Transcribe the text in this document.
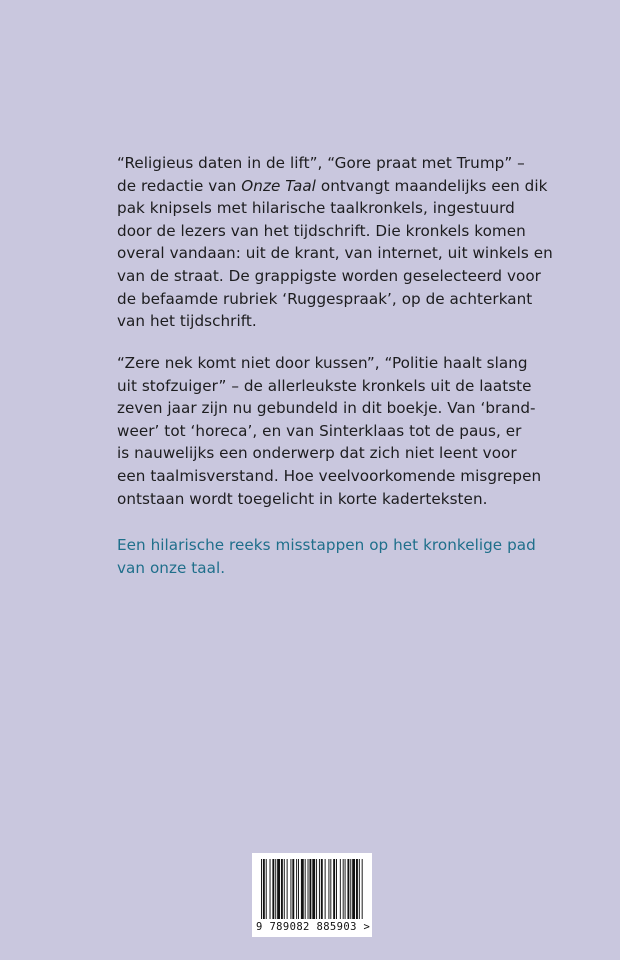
“Religieus daten in de lift”, “Gore praat met Trump” –
de redactie van Onze Taal ontvangt maandelijks een dik
pak knipsels met hilarische taalkronkels, ingestuurd
door de lezers van het tijdschrift. Die kronkels komen
overal vandaan: uit de krant, van internet, uit winkels en
van de straat. De grappigste worden geselecteerd voor
de befaamde rubriek ‘Ruggespraak’, op de achterkant
van het tijdschrift.
“Zere nek komt niet door kussen”, “Politie haalt slang
uit stofzuiger” – de allerleukste kronkels uit de laatste
zeven jaar zijn nu gebundeld in dit boekje. Van ‘brand-
weer’ tot ‘horeca’, en van Sinterklaas tot de paus, er
is nauwelijks een onderwerp dat zich niet leent voor
een taalmisverstand. Hoe veelvoorkomende misgrepen
ontstaan wordt toegelicht in korte kaderteksten.
Een hilarische reeks misstappen op het kronkelige pad
van onze taal.
9 789082 885903 >
